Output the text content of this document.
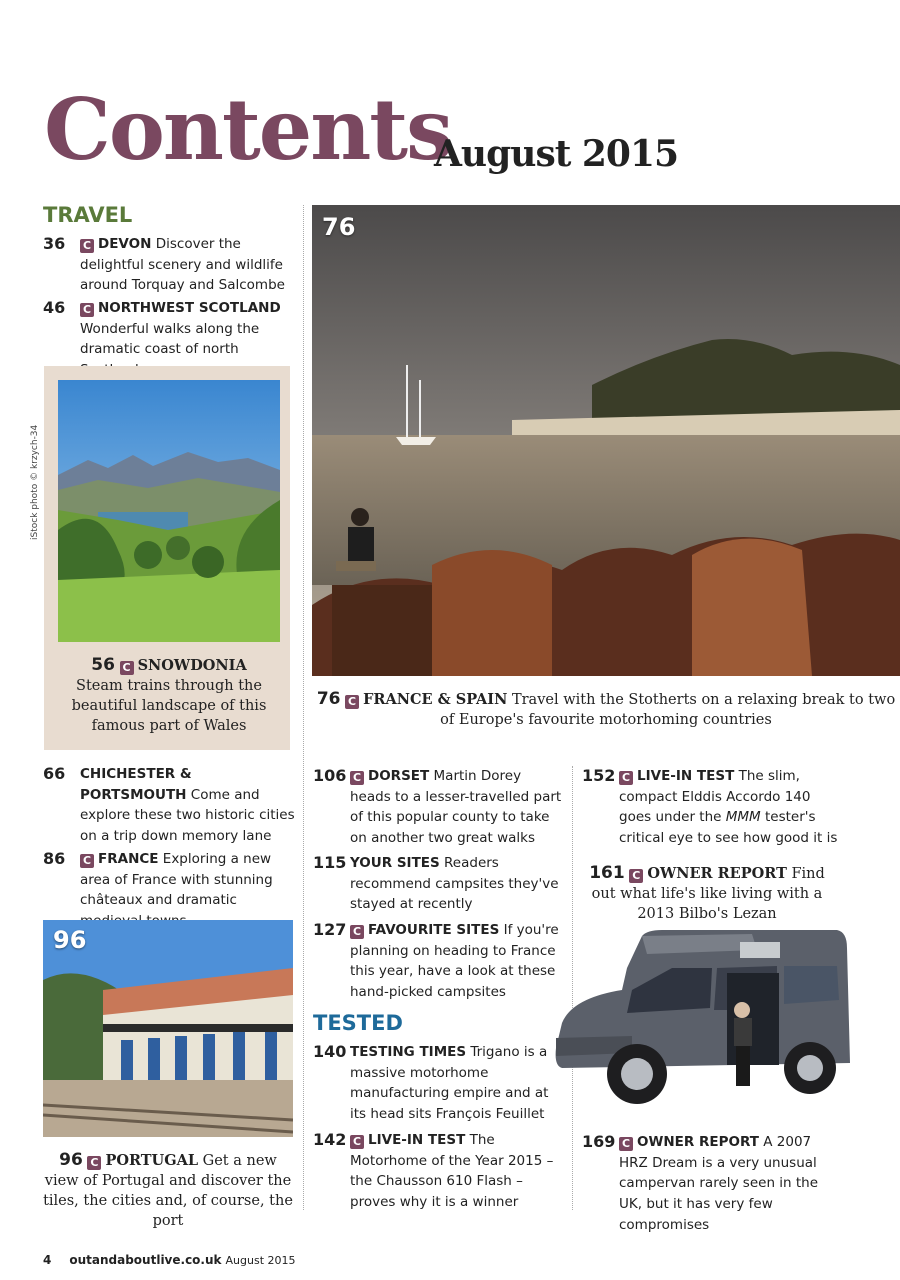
Contents
August 2015
TRAVEL
36 C DEVON Discover the delightful scenery and wildlife around Torquay and Salcombe
46 C NORTHWEST SCOTLAND Wonderful walks along the dramatic coast of north
iStock photo © krzych-34
56 C SNOWDONIA
Steam trains through the beautiful landscape of this famous part of Wales
66 CHICHESTER & PORTSMOUTH Come and explore these two historic cities on a trip down memory lane
86 C FRANCE Exploring a new area of France with stunning châteaux and dramatic
96
96 C PORTUGAL Get a new view of Portugal and discover the tiles, the cities and, of course, the port
76
76 C FRANCE & SPAIN Travel with the Stotherts on a relaxing break to two of Europe's favourite motorhoming countries
106 C DORSET Martin Dorey heads to a lesser-travelled part of this popular county to take on another two great walks
115 YOUR SITES Readers recommend campsites they've stayed at recently
127 C FAVOURITE SITES If you're planning on heading to France this year, have a look at these hand-picked campsites
TESTED
140 TESTING TIMES Trigano is a massive motorhome manufacturing empire and at its head sits François Feuillet
142 C LIVE-IN TEST The Motorhome of the Year 2015 – the Chausson 610 Flash – proves why it is a winner
152 C LIVE-IN TEST The slim, compact Elddis Accordo 140 goes under the MMM tester's critical eye to see how good it is
161 C OWNER REPORT Find out what life's like living with a 2013 Bilbo's Lezan
169 C OWNER REPORT A 2007 HRZ Dream is a very unusual campervan rarely seen in the UK, but it has very few compromises
4 outandaboutlive.co.uk August 2015
